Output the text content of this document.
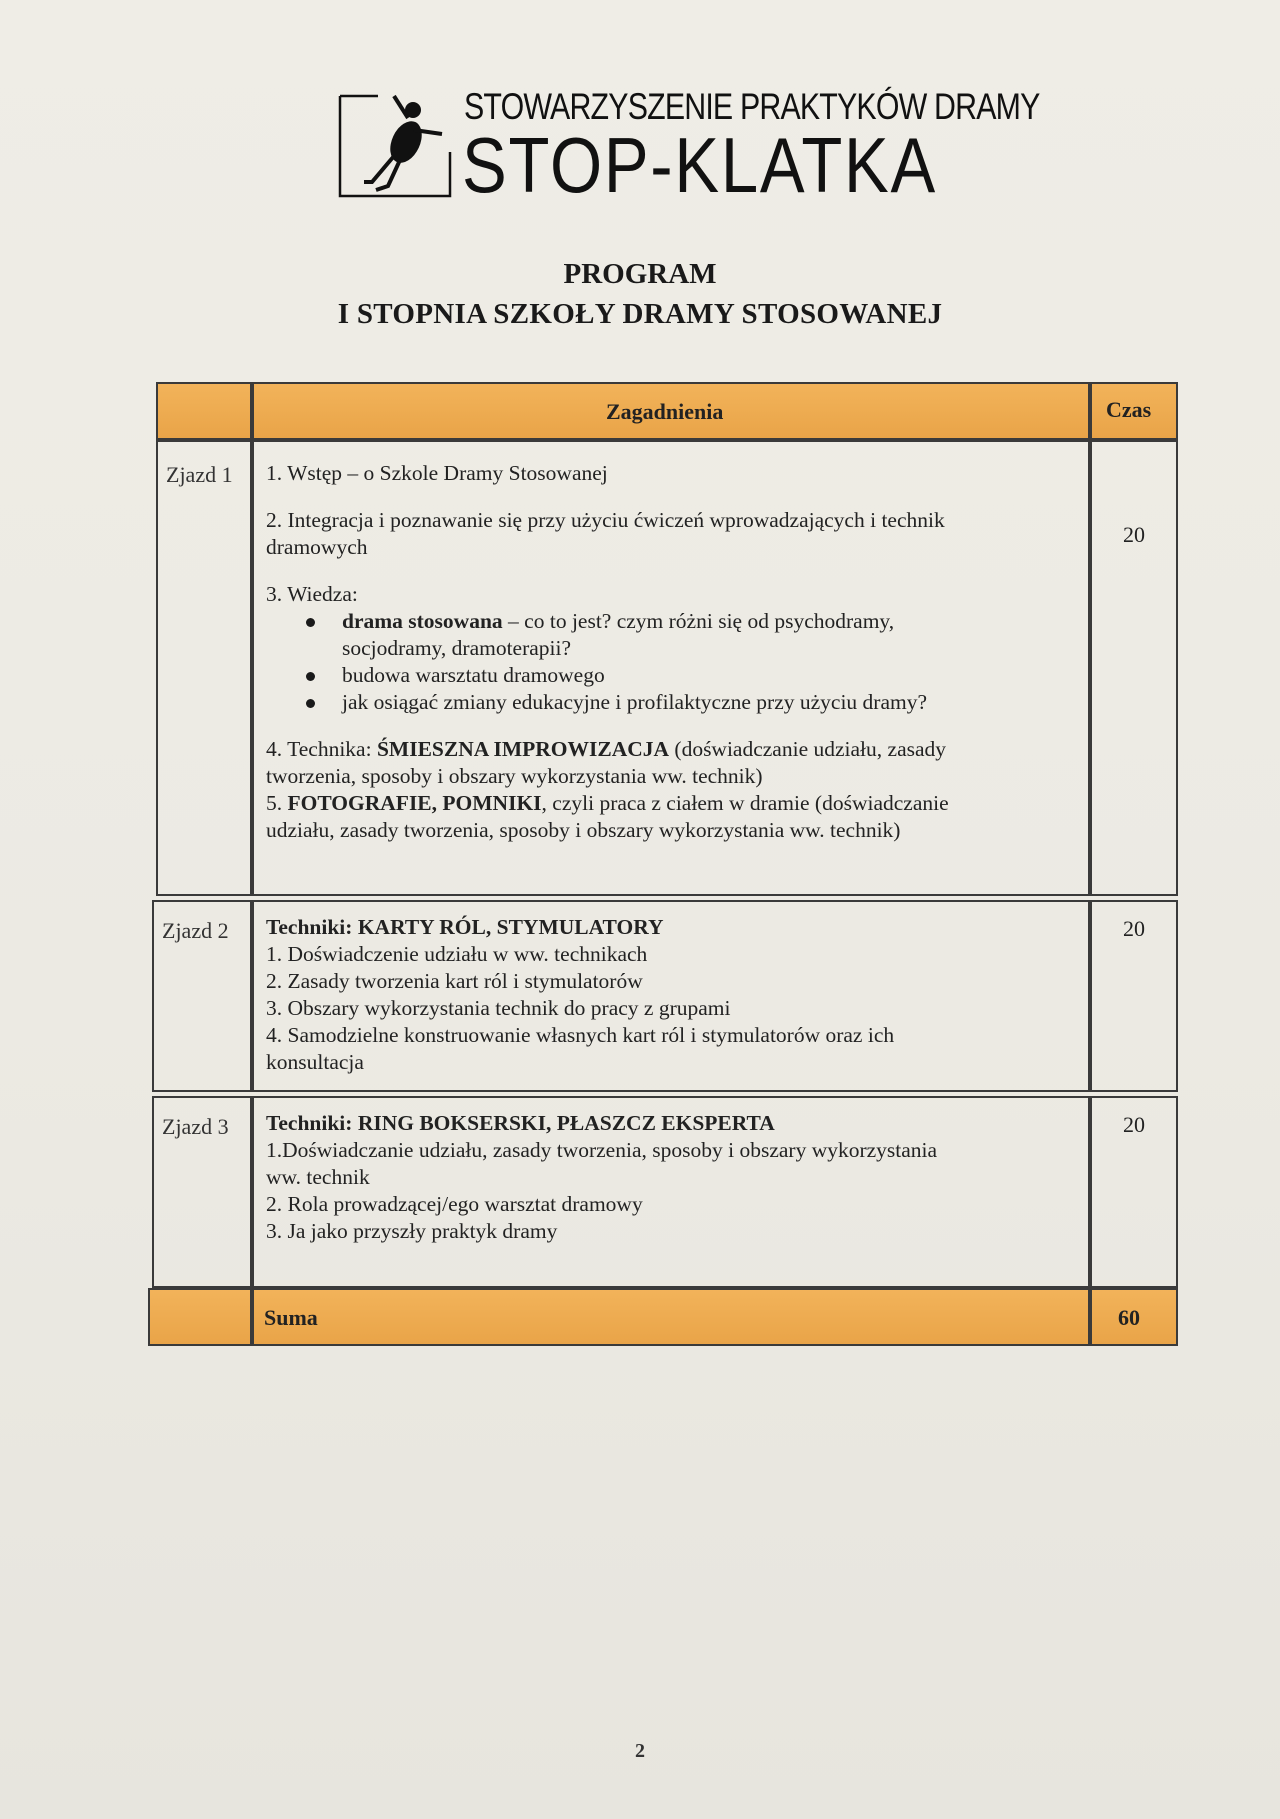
STOWARZYSZENIE PRAKTYKÓW DRAMY
STOP-KLATKA
PROGRAM
I STOPNIA SZKOŁY DRAMY STOSOWANEJ
Zagadnienia	Czas
Zjazd 1 1. Wstęp – o Szkole Dramy Stosowanej

2. Integracja i poznawanie się przy użyciu ćwiczeń wprowadzających i technik

dramowych

3. Wiedza:

drama stosowana – co to jest? czym różni się od psychodramy,

socjodramy, dramoterapii?

budowa warsztatu dramowego
jak osiągać zmiany edukacyjne i profilaktyczne przy użyciu dramy?

4. Technika: ŚMIESZNA IMPROWIZACJA (doświadczanie udziału, zasady

tworzenia, sposoby i obszary wykorzystania ww. technik)

5. FOTOGRAFIE, POMNIKI, czyli praca z ciałem w dramie (doświadczanie

udziału, zasady tworzenia, sposoby i obszary wykorzystania ww. technik)

20
Zjazd 2 Techniki: KARTY RÓL, STYMULATORY

1. Doświadczenie udziału w ww. technikach

2. Zasady tworzenia kart ról i stymulatorów

3. Obszary wykorzystania technik do pracy z grupami

4. Samodzielne konstruowanie własnych kart ról i stymulatorów oraz ich

konsultacja

20
Zjazd 3 Techniki: RING BOKSERSKI, PŁASZCZ EKSPERTA

1.Doświadczanie udziału, zasady tworzenia, sposoby i obszary wykorzystania

ww. technik

2. Rola prowadzącej/ego warsztat dramowy

3. Ja jako przyszły praktyk dramy

20
Suma	60
2
